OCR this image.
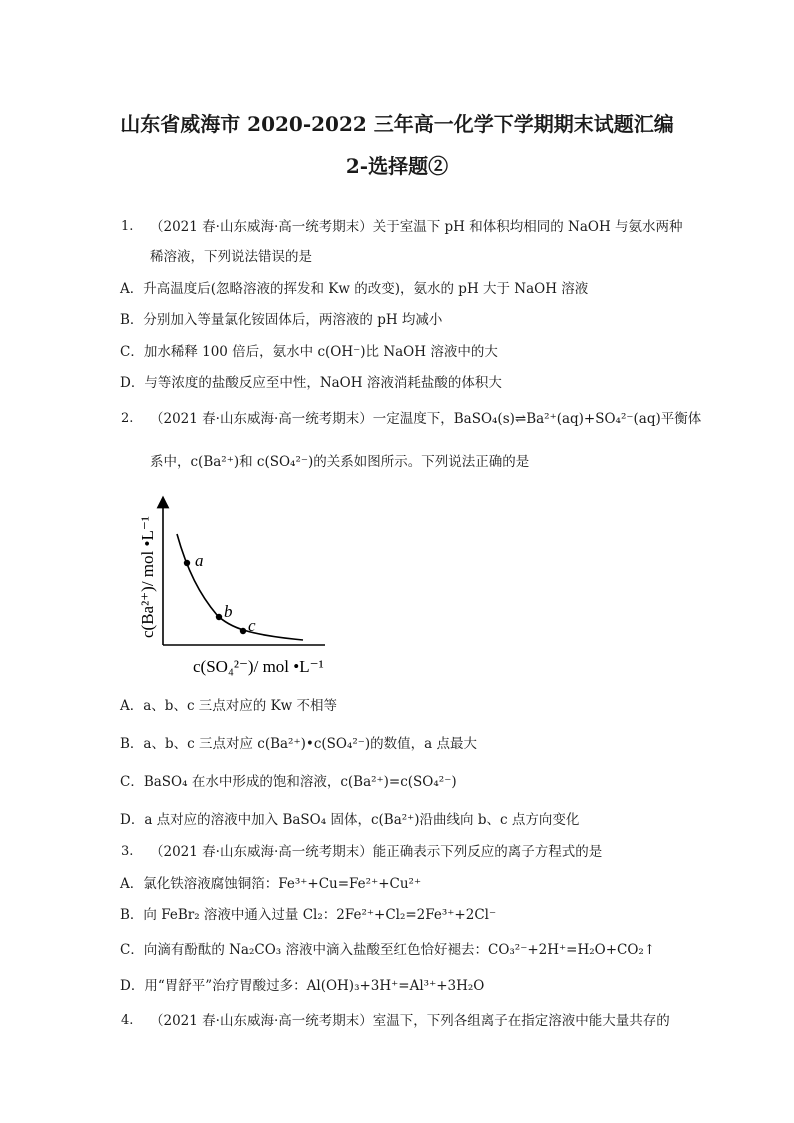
山东省威海市 2020-2022 三年高一化学下学期期末试题汇编
2-选择题②
1. （2021 春·山东威海·高一统考期末）关于室温下 pH 和体积均相同的 NaOH 与氨水两种
稀溶液，下列说法错误的是
A．升高温度后(忽略溶液的挥发和 Kw 的改变)，氨水的 pH 大于 NaOH 溶液
B．分别加入等量氯化铵固体后，两溶液的 pH 均减小
C．加水稀释 100 倍后，氨水中 c(OH⁻)比 NaOH 溶液中的大
D．与等浓度的盐酸反应至中性，NaOH 溶液消耗盐酸的体积大
2. （2021 春·山东威海·高一统考期末）一定温度下，BaSO₄(s)⇌Ba²⁺(aq)+SO₄²⁻(aq)平衡体
系中，c(Ba²⁺)和 c(SO₄²⁻)的关系如图所示。下列说法正确的是
a
b
c
c(Ba²⁺)/ mol •L⁻¹
c(SO₄²⁻)/ mol •L⁻¹
A．a、b、c 三点对应的 Kw 不相等
B．a、b、c 三点对应 c(Ba²⁺)•c(SO₄²⁻)的数值，a 点最大
C．BaSO₄ 在水中形成的饱和溶液，c(Ba²⁺)=c(SO₄²⁻)
D．a 点对应的溶液中加入 BaSO₄ 固体，c(Ba²⁺)沿曲线向 b、c 点方向变化
3. （2021 春·山东威海·高一统考期末）能正确表示下列反应的离子方程式的是
A．氯化铁溶液腐蚀铜箔：Fe³⁺+Cu=Fe²⁺+Cu²⁺
B．向 FeBr₂ 溶液中通入过量 Cl₂：2Fe²⁺+Cl₂=2Fe³⁺+2Cl⁻
C．向滴有酚酞的 Na₂CO₃ 溶液中滴入盐酸至红色恰好褪去：CO₃²⁻+2H⁺=H₂O+CO₂↑
D．用“胃舒平”治疗胃酸过多：Al(OH)₃+3H⁺=Al³⁺+3H₂O
4. （2021 春·山东威海·高一统考期末）室温下，下列各组离子在指定溶液中能大量共存的
